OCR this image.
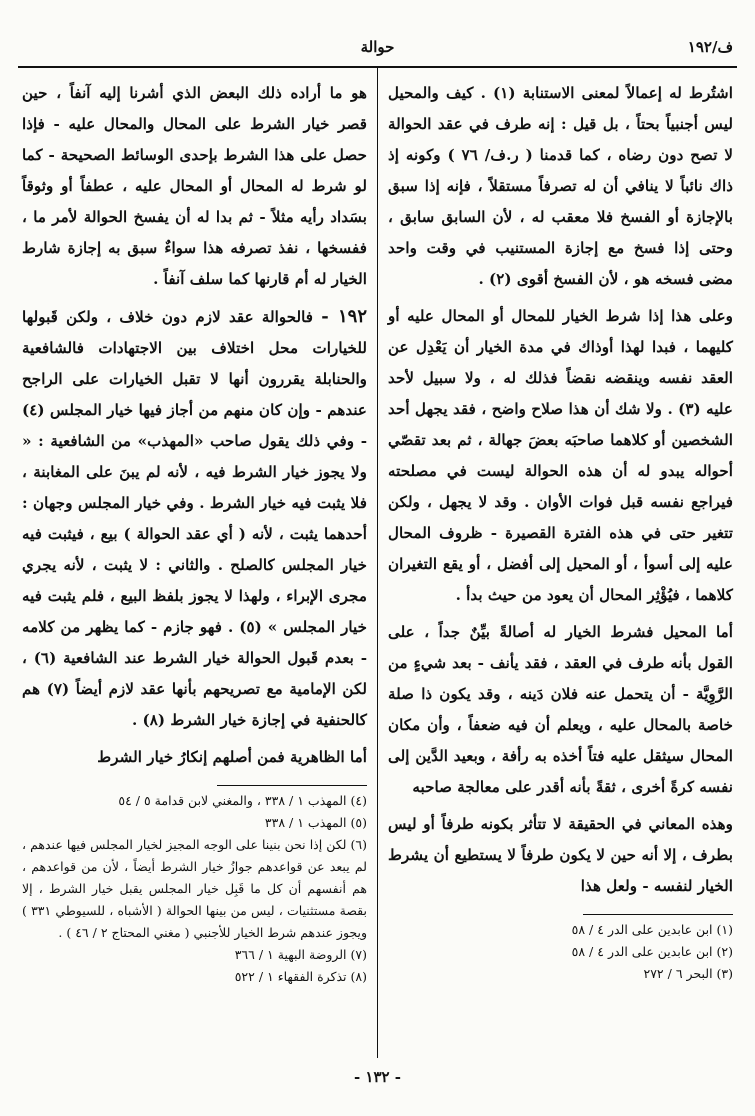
ف/١٩٢
حوالة

اشتُرط له إعمالاً لمعنى الاستنابة (١) . كيف والمحيل ليس أجنبياً بحتاً ، بل قيل : إنه طرف في عقد الحوالة لا تصح دون رضاه ، كما قدمنا ( ر.ف/ ٧٦ ) وكونه إذ ذاك نائباً لا ينافي أن له تصرفاً مستقلاً ، فإنه إذا سبق بالإجازة أو الفسخ فلا معقب له ، لأن السابق سابق ، وحتى إذا فسخ مع إجازة المستنيب في وقت واحد مضى فسخه هو ، لأن الفسخ أقوى (٢) .

وعلى هذا إذا شرط الخيار للمحال أو المحال عليه أو كليهما ، فبدا لهذا أوذاك في مدة الخيار أن يَعْدِل عن العقد نفسه وينقضه نقضاً فذلك له ، ولا سبيل لأحد عليه (٣) . ولا شك أن هذا صلاح واضح ، فقد يجهل أحد الشخصين أو كلاهما صاحبَه بعضَ جهالة ، ثم بعد تقصّي أحواله يبدو له أن هذه الحوالة ليست في مصلحته فيراجع نفسه قبل فوات الأوان . وقد لا يجهل ، ولكن تتغير حتى في هذه الفترة القصيرة - ظروف المحال عليه إلى أسوأ ، أو المحيل إلى أفضل ، أو يقع التغيران كلاهما ، فيُؤْثِر المحال أن يعود من حيث بدأ .

أما المحيل فشرط الخيار له أصالةً بيِّنٌ جداً ، على القول بأنه طرف في العقد ، فقد يأنف - بعد شيءٍ من الرَّوِيَّة - أن يتحمل عنه فلان دَينه ، وقد يكون ذا صلة خاصة بالمحال عليه ، ويعلم أن فيه ضعفاً ، وأن مكان المحال سيثقل عليه فتاً أخذه به رأفة ، وبعيد الدَّين إلى نفسه كرةً أخرى ، ثقةً بأنه أقدر على معالجة صاحبه

وهذه المعاني في الحقيقة لا تتأثر بكونه طرفاً أو ليس بطرف ، إلا أنه حين لا يكون طرفاً لا يستطيع أن يشرط الخيار لنفسه - ولعل هذا

(١) ابن عابدين على الدر ٤ / ٥٨

(٢) ابن عابدين على الدر ٤ / ٥٨

(٣) البحر ٦ / ٢٧٢

هو ما أراده ذلك البعض الذي أشرنا إليه آنفاً ، حين قصر خيار الشرط على المحال والمحال عليه - فإذا حصل على هذا الشرط بإحدى الوسائط الصحيحة - كما لو شرط له المحال أو المحال عليه ، عطفاً أو وثوقاً بسَداد رأيه مثلاً - ثم بدا له أن يفسخ الحوالة لأمر ما ، ففسخها ، نفذ تصرفه هذا سواءٌ سبق به إجازة شارط الخيار له أم قارنها كما سلف آنفاً .

١٩٢ - فالحوالة عقد لازم دون خلاف ، ولكن قَبولها للخيارات محل اختلاف بين الاجتهادات فالشافعية والحنابلة يقررون أنها لا تقبل الخيارات على الراجح عندهم - وإن كان منهم من أجاز فيها خيار المجلس (٤) - وفي ذلك يقول صاحب «المهذب» من الشافعية : « ولا يجوز خيار الشرط فيه ، لأنه لم يبنَ على المغابنة ، فلا يثبت فيه خيار الشرط . وفي خيار المجلس وجهان : أحدهما يثبت ، لأنه ( أي عقد الحوالة ) بيع ، فيثبت فيه خيار المجلس كالصلح . والثاني : لا يثبت ، لأنه يجري مجرى الإبراء ، ولهذا لا يجوز بلفظ البيع ، فلم يثبت فيه خيار المجلس » (٥) . فهو جازم - كما يظهر من كلامه - بعدم قَبول الحوالة خيار الشرط عند الشافعية (٦) ، لكن الإمامية مع تصريحهم بأنها عقد لازم أيضاً (٧) هم كالحنفية في إجازة خيار الشرط (٨) .

أما الظاهرية فمن أصلهم إنكارُ خيار الشرط

(٤) المهذب ١ / ٣٣٨ ، والمغني لابن قدامة ٥ / ٥٤

(٥) المهذب ١ / ٣٣٨

(٦) لكن إذا نحن بنينا على الوجه المجيز لخيار المجلس فيها عندهم ، لم يبعد عن قواعدهم جوازُ خيار الشرط أيضاً ، لأن من قواعدهم ، هم أنفسهم أن كل ما قَبِل خيار المجلس يقبل خيار الشرط ، إلا بقصة مستثنيات ، ليس من بينها الحوالة ( الأشباه ، للسيوطي ٣٣١ ) ويجوز عندهم شرط الخيار للأجنبي ( مغني المحتاج ٢ / ٤٦ ) .

(٧) الروضة البهية ١ / ٣٦٦

(٨) تذكرة الفقهاء ١ / ٥٢٢

- ١٣٢ -
